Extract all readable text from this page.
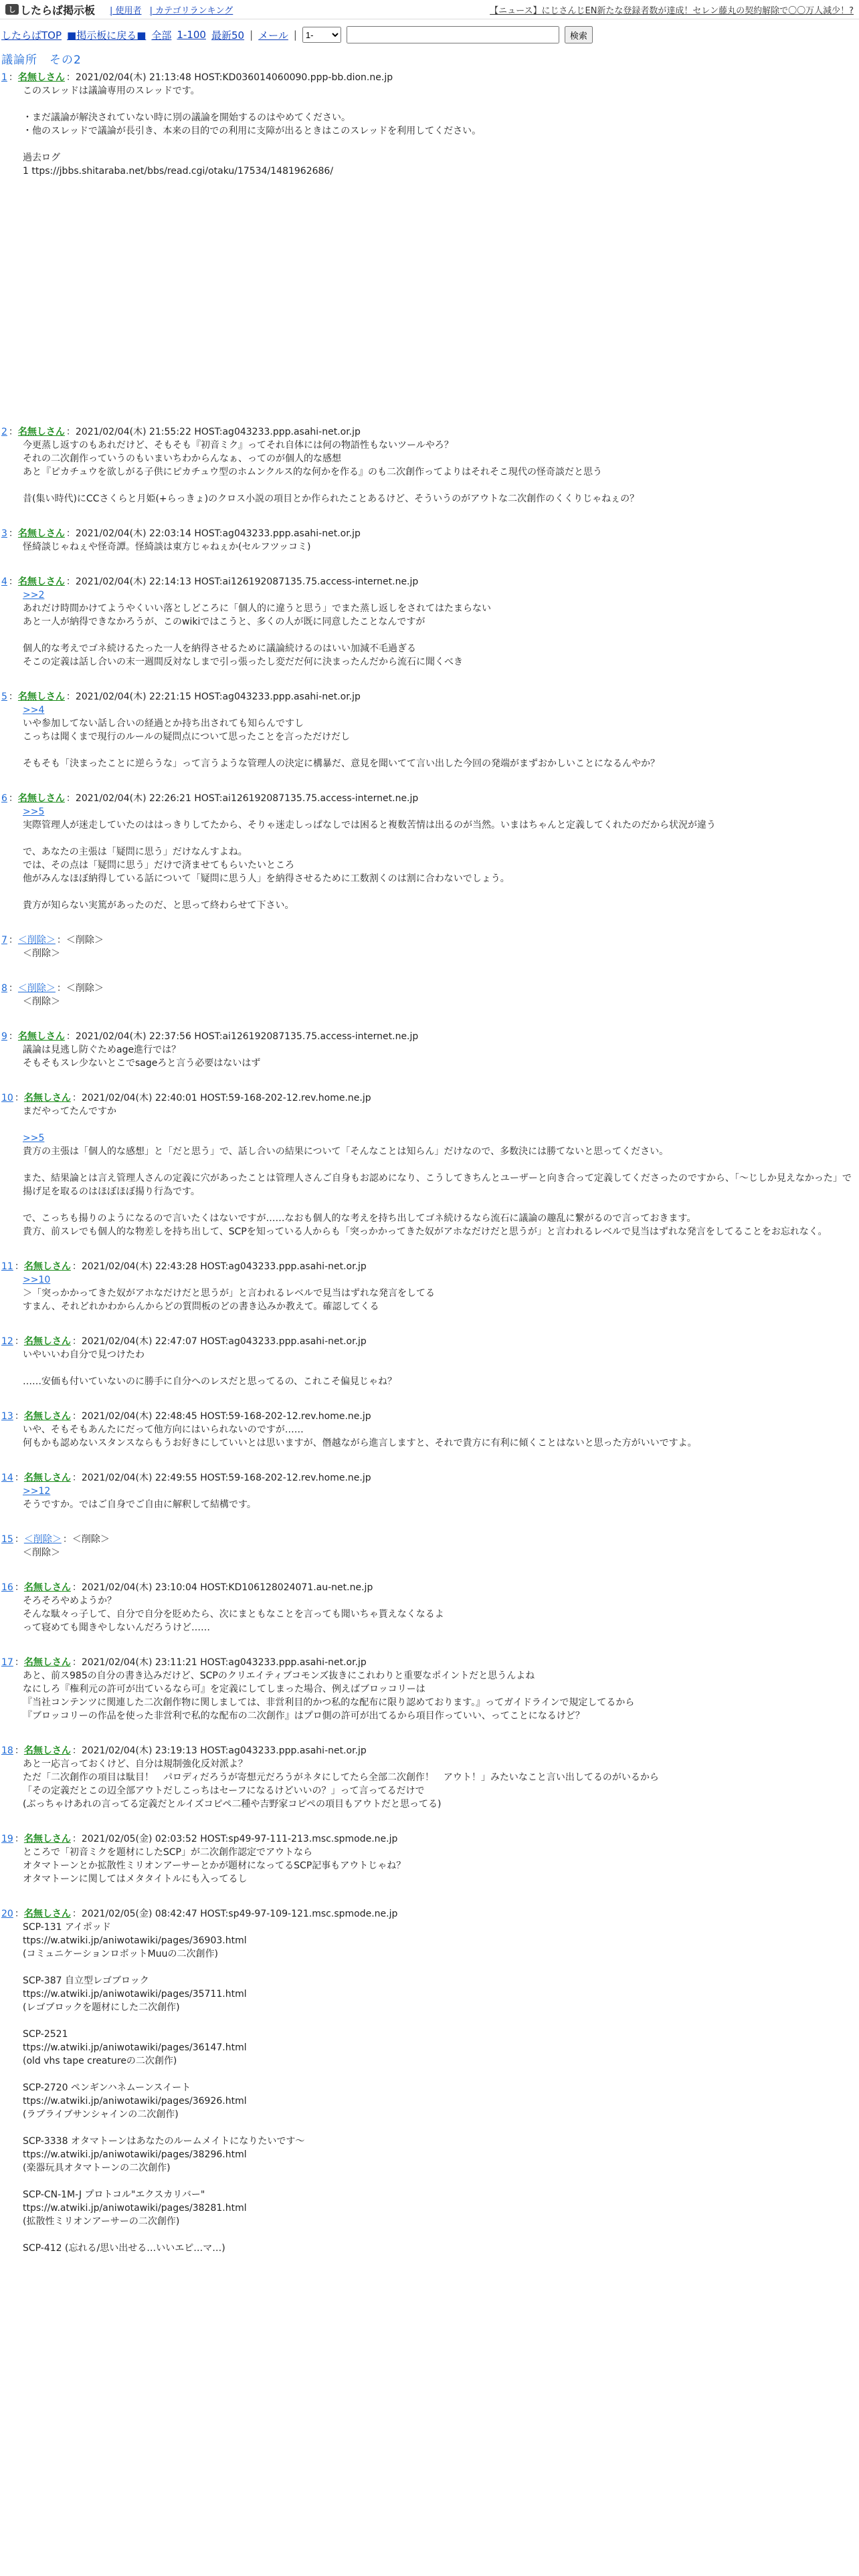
し したらば掲示板	| 使用者 | カテゴリランキング	【ニュース】にじさんじEN新たな登録者数が達成！セレン藤丸の契約解除で〇〇万人減少！?
したらばTOP ■掲示板に戻る■ 全部 1-100 最新50 | メール |
1-	検索
議論所　その2
1 ： 名無しさん ：2021/02/04(木) 21:13:48 HOST:KD036014060090.ppp-bb.dion.ne.jp
このスレッドは議論専用のスレッドです。

・まだ議論が解決されていない時に別の議論を開始するのはやめてください。
・他のスレッドで議論が長引き、本来の目的での利用に支障が出るときはこのスレッドを利用してください。

過去ログ
1 ttps://jbbs.shitaraba.net/bbs/read.cgi/otaku/17534/1481962686/
2 ： 名無しさん ：2021/02/04(木) 21:55:22 HOST:ag043233.ppp.asahi-net.or.jp
今更蒸し返すのもあれだけど、そもそも『初音ミク』ってそれ自体には何の物語性もないツールやろ？
それの二次創作っていうのもいまいちわからんなぁ、ってのが個人的な感想
あと『ピカチュウを欲しがる子供にピカチュウ型のホムンクルス的な何かを作る』のも二次創作ってよりはそれそこ現代の怪奇談だと思う

昔(集い時代)にCCさくらと月姫(+らっきょ)のクロス小説の項目とか作られたことあるけど、そういうのがアウトな二次創作のくくりじゃねぇの？
3 ： 名無しさん ：2021/02/04(木) 22:03:14 HOST:ag043233.ppp.asahi-net.or.jp
怪綺談じゃねぇや怪奇譚。怪綺談は東方じゃねぇか(セルフツッコミ)
4 ： 名無しさん ：2021/02/04(木) 22:14:13 HOST:ai126192087135.75.access-internet.ne.jp
>>2
あれだけ時間かけてようやくいい落としどころに「個人的に違うと思う」でまた蒸し返しをされてはたまらない
あと一人が納得できなかろうが、このwikiではこうと、多くの人が既に同意したことなんですが

個人的な考えでゴネ続けるたった一人を納得させるために議論続けるのはいい加減不毛過ぎる
そこの定義は話し合いの末一週間反対なしまで引っ張ったし変だだ何に決まったんだから流石に聞くべき
5 ： 名無しさん ：2021/02/04(木) 22:21:15 HOST:ag043233.ppp.asahi-net.or.jp
>>4
いや参加してない話し合いの経過とか持ち出されても知らんですし
こっちは聞くまで現行のルールの疑問点について思ったことを言っただけだし

そもそも「決まったことに逆らうな」って言うような管理人の決定に構暴だ、意見を聞いてて言い出した今回の発端がまずおかしいことになるんやか？
6 ： 名無しさん ：2021/02/04(木) 22:26:21 HOST:ai126192087135.75.access-internet.ne.jp
>>5
実際管理人が迷走していたのははっきりしてたから、そりゃ迷走しっぱなしでは困ると複数苦情は出るのが当然。いまはちゃんと定義してくれたのだから状況が違う

で、あなたの主張は「疑問に思う」だけなんすよね。
では、その点は「疑問に思う」だけで済ませてもらいたいところ
他がみんなほぼ納得している話について「疑問に思う人」を納得させるために工数割くのは割に合わないでしょう。

貴方が知らない実篤があったのだ、と思って終わらせて下さい。
7 ： ＜削除＞ ：＜削除＞
＜削除＞
8 ： ＜削除＞ ：＜削除＞
＜削除＞
9 ： 名無しさん ：2021/02/04(木) 22:37:56 HOST:ai126192087135.75.access-internet.ne.jp
議論は見逃し防ぐためage進行では？
そもそもスレ少ないとこでsageろと言う必要はないはず
10 ： 名無しさん ：2021/02/04(木) 22:40:01 HOST:59-168-202-12.rev.home.ne.jp
まだやってたんですか

>>5
貴方の主張は「個人的な感想」と「だと思う」で、話し合いの結果について「そんなことは知らん」だけなので、多数決には勝てないと思ってください。

また、結果論とは言え管理人さんの定義に穴があったことは管理人さんご自身もお認めになり、こうしてきちんとユーザーと向き合って定義してくださったのですから、「～じしか見えなかった」で揚げ足を取るのはほぼほぼ揚り行為です。

で、こっちも揚りのようになるので言いたくはないですが……なおも個人的な考えを持ち出してゴネ続けるなら流石に議論の趣乱に繋がるので言っておきます。
貴方、前スレでも個人的な物差しを持ち出して、SCPを知っている人からも「突っかかってきた奴がアホなだけだと思うが」と言われるレベルで見当はずれな発言をしてることをお忘れなく。
11 ： 名無しさん ：2021/02/04(木) 22:43:28 HOST:ag043233.ppp.asahi-net.or.jp
>>10
＞「突っかかってきた奴がアホなだけだと思うが」と言われるレベルで見当はずれな発言をしてる
すまん、それどれかわからんからどの質問板のどの書き込みか教えて。確認してくる
12 ： 名無しさん ：2021/02/04(木) 22:47:07 HOST:ag043233.ppp.asahi-net.or.jp
いやいいわ自分で見つけたわ

……安価も付いていないのに勝手に自分へのレスだと思ってるの、これこそ偏見じゃね？
13 ： 名無しさん ：2021/02/04(木) 22:48:45 HOST:59-168-202-12.rev.home.ne.jp
いや、そもそもあんたにだって他方向にはいられないのですが……
何もかも認めないスタンスならもうお好きにしていいとは思いますが、僭越ながら進言しますと、それで貴方に有利に傾くことはないと思った方がいいですよ。
14 ： 名無しさん ：2021/02/04(木) 22:49:55 HOST:59-168-202-12.rev.home.ne.jp
>>12
そうですか。ではご自身でご自由に解釈して結構です。
15 ： ＜削除＞ ：＜削除＞
＜削除＞
16 ： 名無しさん ：2021/02/04(木) 23:10:04 HOST:KD106128024071.au-net.ne.jp
そろそろやめようか？
そんな駄々っ子して、自分で自分を貶めたら、次にまともなことを言っても聞いちゃ貰えなくなるよ
って寝めても聞きやしないんだろうけど……
17 ： 名無しさん ：2021/02/04(木) 23:11:21 HOST:ag043233.ppp.asahi-net.or.jp
あと、前ス985の自分の書き込みだけど、SCPのクリエイティブコモンズ抜きにこれわりと重要なポイントだと思うんよね
なにしろ『権利元の許可が出ているなら可』を定義にしてしまった場合、例えばブロッコリーは
『当社コンテンツに関連した二次創作物に関しましては、非営利目的かつ私的な配布に限り認めております。』ってガイドラインで規定してるから
『ブロッコリーの作品を使った非営利で私的な配布の二次創作』はプロ側の許可が出てるから項目作っていい、ってことになるけど？
18 ： 名無しさん ：2021/02/04(木) 23:19:13 HOST:ag043233.ppp.asahi-net.or.jp
あと一応言っておくけど、自分は規制強化反対派よ？
ただ「二次創作の項目は駄目！　パロディだろうが寄想元だろうがネタにしてたら全部二次創作！　アウト！」みたいなこと言い出してるのがいるから
「その定義だとこの辺全部アウトだしこっちはセーフになるけどいいの？」って言ってるだけで
(ぶっちゃけあれの言ってる定義だとルイズコピペ二種や吉野家コピペの項目もアウトだと思ってる)
19 ： 名無しさん ：2021/02/05(金) 02:03:52 HOST:sp49-97-111-213.msc.spmode.ne.jp
ところで「初音ミクを題材にしたSCP」が二次創作認定でアウトなら
オタマトーンとか拡散性ミリオンアーサーとかが題材になってるSCP記事もアウトじゃね？
オタマトーンに関してはメタタイトルにも入ってるし
20 ： 名無しさん ：2021/02/05(金) 08:42:47 HOST:sp49-97-109-121.msc.spmode.ne.jp
SCP-131 アイポッド
ttps://w.atwiki.jp/aniwotawiki/pages/36903.html
(コミュニケーションロボットMuuの二次創作)

SCP-387 自立型レゴブロック
ttps://w.atwiki.jp/aniwotawiki/pages/35711.html
(レゴブロックを題材にした二次創作)

SCP-2521
ttps://w.atwiki.jp/aniwotawiki/pages/36147.html
(old vhs tape creatureの二次創作)

SCP-2720 ペンギンハネムーンスイート
ttps://w.atwiki.jp/aniwotawiki/pages/36926.html
(ラブライブサンシャインの二次創作)

SCP-3338 オタマトーンはあなたのルームメイトになりたいです〜
ttps://w.atwiki.jp/aniwotawiki/pages/38296.html
(楽器玩具オタマトーンの二次創作)

SCP-CN-1M-J プロトコル"エクスカリバー"
ttps://w.atwiki.jp/aniwotawiki/pages/38281.html
(拡散性ミリオンアーサーの二次創作)

SCP-412 (忘れる/思い出せる…いいエピ…マ…)
